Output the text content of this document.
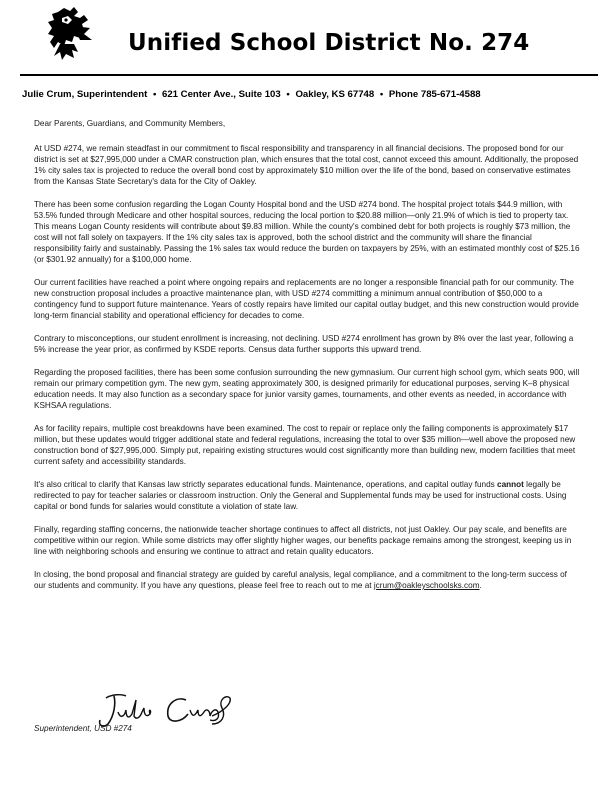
Unified School District No. 274
Julie Crum, Superintendent • 621 Center Ave., Suite 103 • Oakley, KS 67748 • Phone 785-671-4588

Dear Parents, Guardians, and Community Members,

At USD #274, we remain steadfast in our commitment to fiscal responsibility and transparency in all financial decisions. The proposed bond for our district is set at $27,995,000 under a CMAR construction plan, which ensures that the total cost, cannot exceed this amount. Additionally, the proposed 1% city sales tax is projected to reduce the overall bond cost by approximately $10 million over the life of the bond, based on conservative estimates from the Kansas State Secretary's data for the City of Oakley.

There has been some confusion regarding the Logan County Hospital bond and the USD #274 bond. The hospital project totals $44.9 million, with 53.5% funded through Medicare and other hospital sources, reducing the local portion to $20.88 million—only 21.9% of which is tied to property tax. This means Logan County residents will contribute about $9.83 million. While the county's combined debt for both projects is roughly $73 million, the cost will not fall solely on taxpayers. If the 1% city sales tax is approved, both the school district and the community will share the financial responsibility fairly and sustainably. Passing the 1% sales tax would reduce the burden on taxpayers by 25%, with an estimated monthly cost of $25.16 (or $301.92 annually) for a $100,000 home.

Our current facilities have reached a point where ongoing repairs and replacements are no longer a responsible financial path for our community. The new construction proposal includes a proactive maintenance plan, with USD #274 committing a minimum annual contribution of $50,000 to a contingency fund to support future maintenance. Years of costly repairs have limited our capital outlay budget, and this new construction would provide long-term financial stability and operational efficiency for decades to come.

Contrary to misconceptions, our student enrollment is increasing, not declining. USD #274 enrollment has grown by 8% over the last year, following a 5% increase the year prior, as confirmed by KSDE reports. Census data further supports this upward trend.

Regarding the proposed facilities, there has been some confusion surrounding the new gymnasium. Our current high school gym, which seats 900, will remain our primary competition gym. The new gym, seating approximately 300, is designed primarily for educational purposes, serving K–8 physical education needs. It may also function as a secondary space for junior varsity games, tournaments, and other events as needed, in accordance with KSHSAA regulations.

As for facility repairs, multiple cost breakdowns have been examined. The cost to repair or replace only the failing components is approximately $17 million, but these updates would trigger additional state and federal regulations, increasing the total to over $35 million—well above the proposed new construction bond of $27,995,000. Simply put, repairing existing structures would cost significantly more than building new, modern facilities that meet current safety and accessibility standards.

It's also critical to clarify that Kansas law strictly separates educational funds. Maintenance, operations, and capital outlay funds cannot legally be redirected to pay for teacher salaries or classroom instruction. Only the General and Supplemental funds may be used for instructional costs. Using capital or bond funds for salaries would constitute a violation of state law.

Finally, regarding staffing concerns, the nationwide teacher shortage continues to affect all districts, not just Oakley. Our pay scale, and benefits are competitive within our region. While some districts may offer slightly higher wages, our benefits package remains among the strongest, keeping us in line with neighboring schools and ensuring we continue to attract and retain quality educators.

In closing, the bond proposal and financial strategy are guided by careful analysis, legal compliance, and a commitment to the long-term success of our students and community. If you have any questions, please feel free to reach out to me at jcrum@oakleyschoolsks.com.

Superintendent, USD #274
